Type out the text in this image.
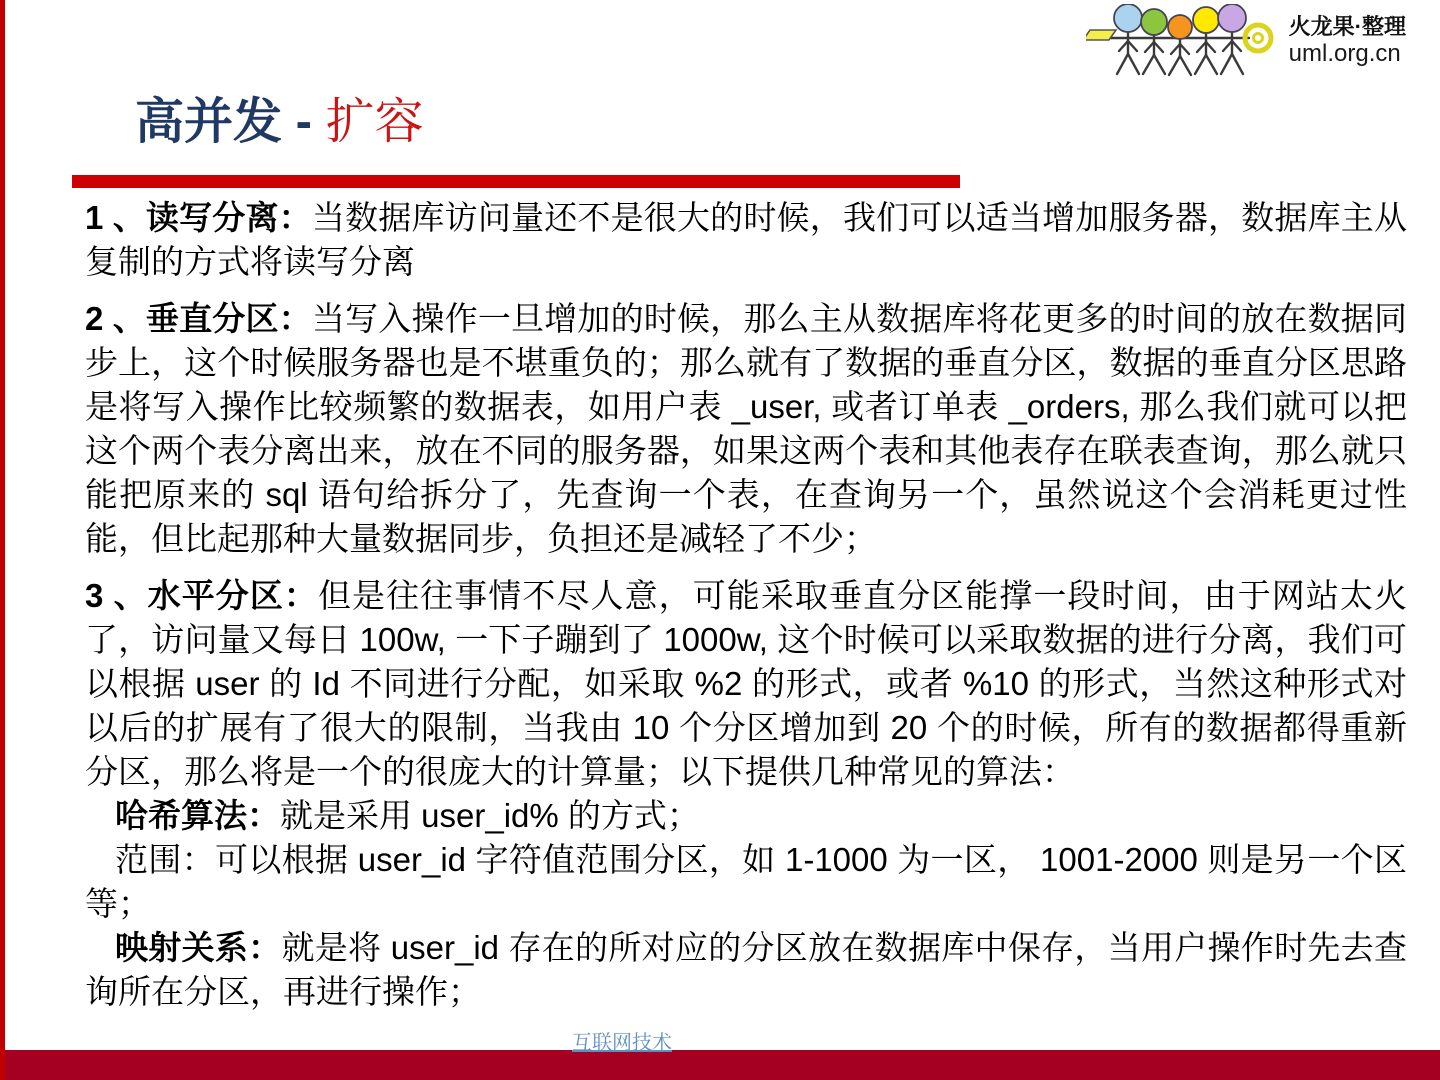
火龙果·整理
uml.org.cn
高并发 - 扩容

1 、读写分离：当数据库访问量还不是很大的时候，我们可以适当增加服务器，数据库主从复制的方式将读写分离

2 、垂直分区：当写入操作一旦增加的时候，那么主从数据库将花更多的时间的放在数据同步上，这个时候服务器也是不堪重负的；那么就有了数据的垂直分区，数据的垂直分区思路是将写入操作比较频繁的数据表，如用户表 _user, 或者订单表 _orders, 那么我们就可以把这个两个表分离出来，放在不同的服务器，如果这两个表和其他表存在联表查询，那么就只能把原来的 sql 语句给拆分了，先查询一个表，在查询另一个，虽然说这个会消耗更过性能，但比起那种大量数据同步，负担还是减轻了不少；

3 、水平分区：但是往往事情不尽人意，可能采取垂直分区能撑一段时间，由于网站太火了，访问量又每日 100w, 一下子蹦到了 1000w, 这个时候可以采取数据的进行分离，我们可以根据 user 的 Id 不同进行分配，如采取 %2 的形式，或者 %10 的形式，当然这种形式对以后的扩展有了很大的限制，当我由 10 个分区增加到 20 个的时候，所有的数据都得重新分区，那么将是一个的很庞大的计算量；以下提供几种常见的算法：

哈希算法：就是采用 user_id% 的方式；

范围：可以根据 user_id 字符值范围分区，如 1-1000 为一区， 1001-2000 则是另一个区等；

映射关系：就是将 user_id 存在的所对应的分区放在数据库中保存，当用户操作时先去查询所在分区，再进行操作；

互联网技术
